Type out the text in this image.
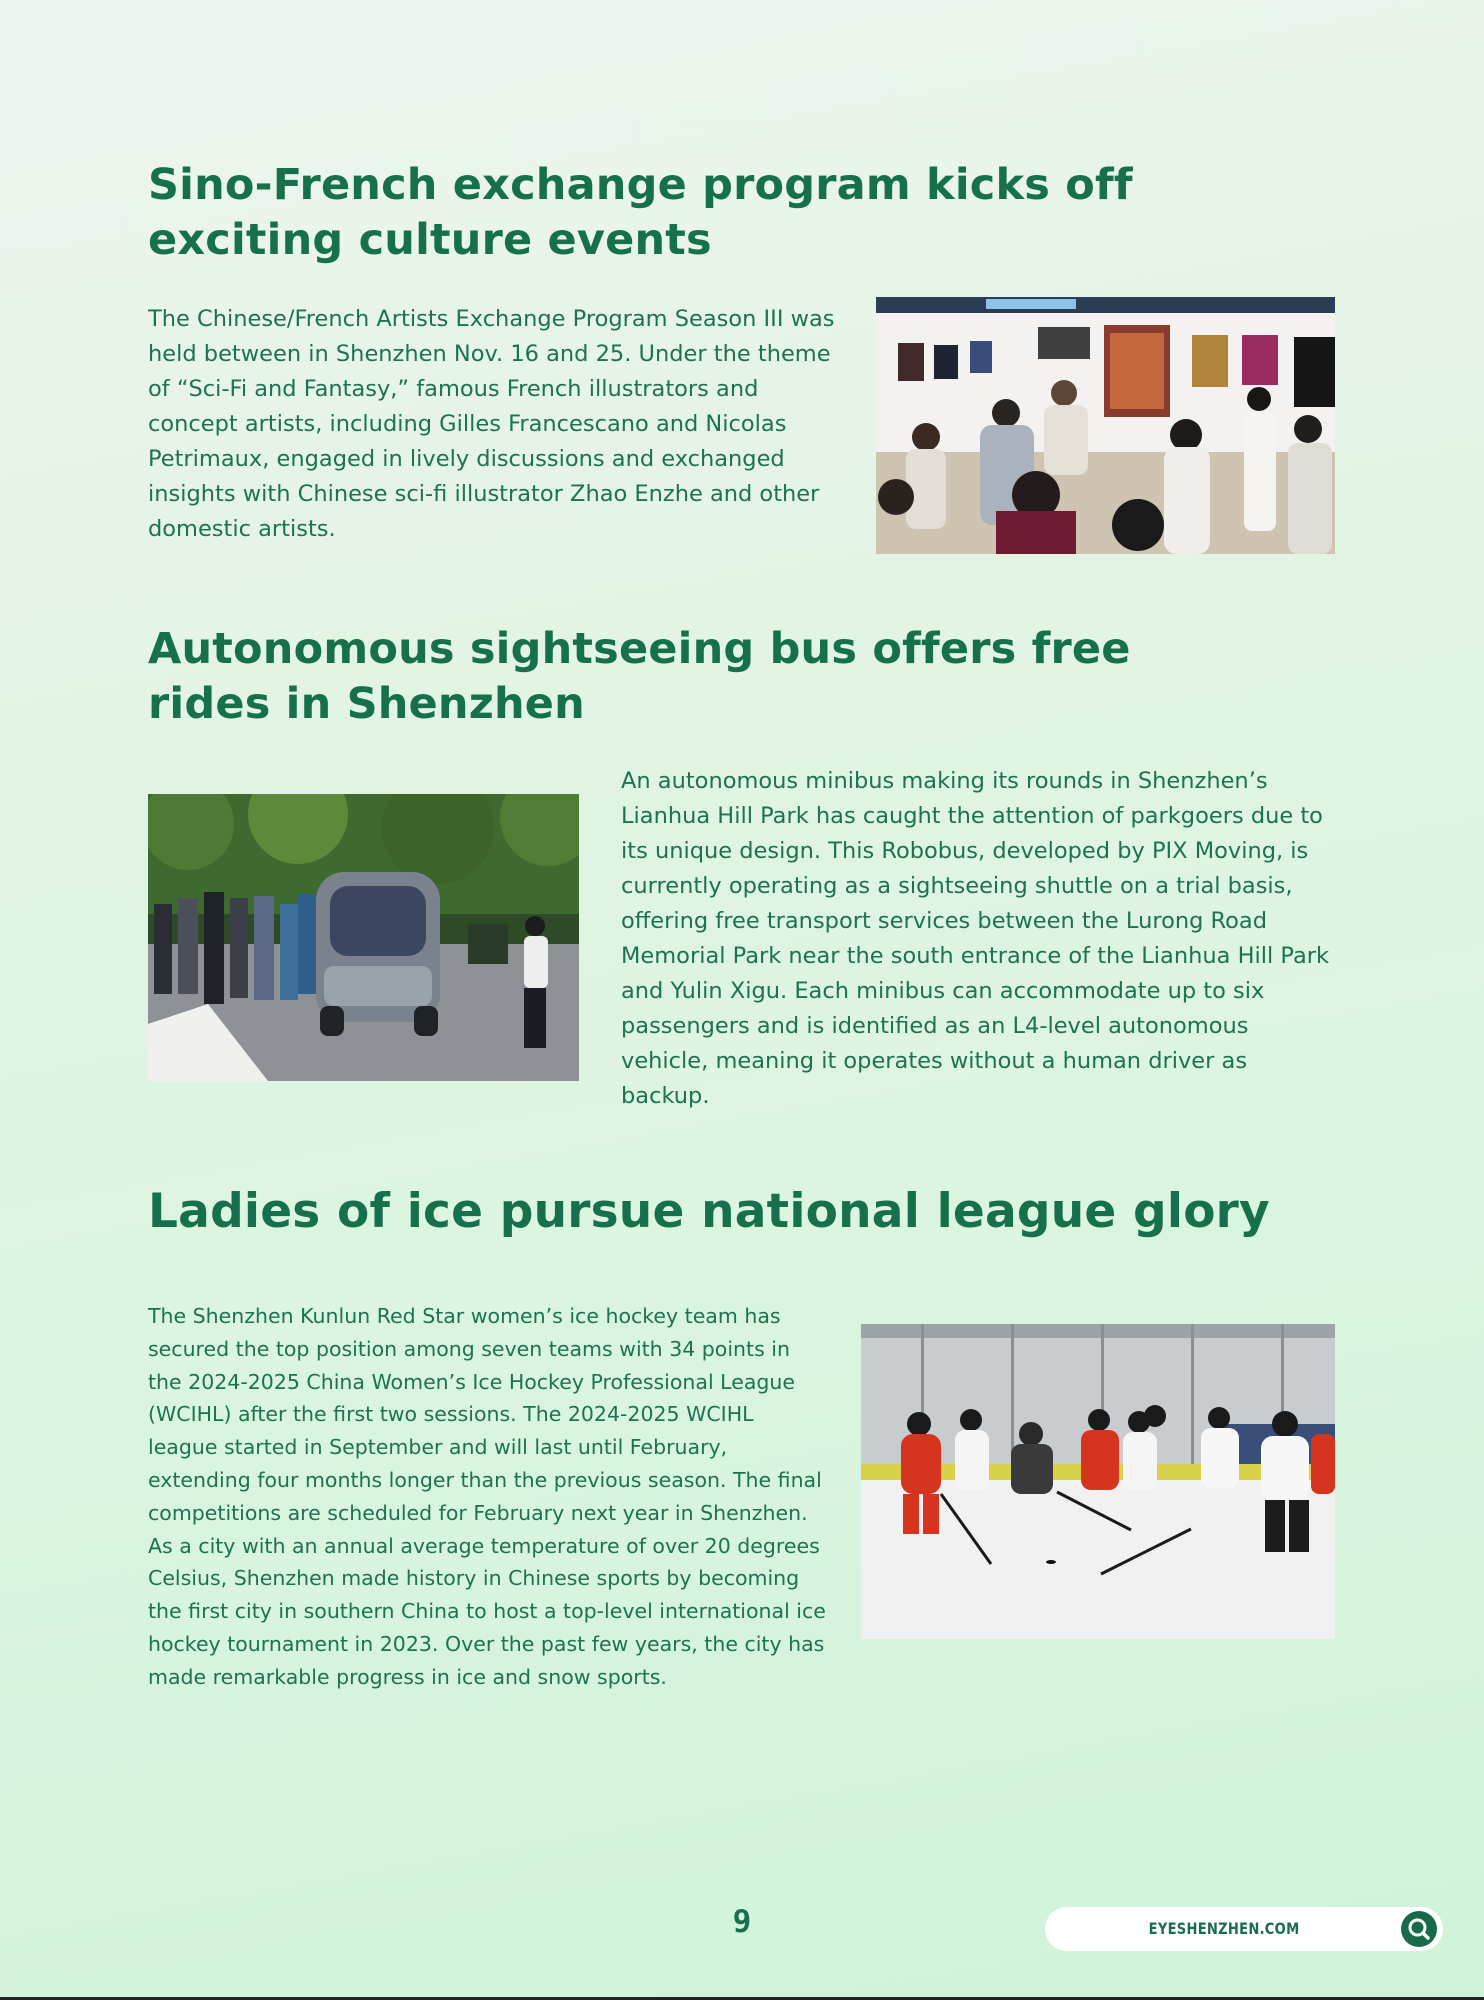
Sino-French exchange program kicks off exciting culture events

The Chinese/French Artists Exchange Program Season III was held between in Shenzhen Nov. 16 and 25. Under the theme of “Sci-Fi and Fantasy,” famous French illustrators and concept artists, including Gilles Francescano and Nicolas Petrimaux, engaged in lively discussions and exchanged insights with Chinese sci-fi illustrator Zhao Enzhe and other domestic artists.

Autonomous sightseeing bus offers free rides in Shenzhen

An autonomous minibus making its rounds in Shenzhen’s Lianhua Hill Park has caught the attention of parkgoers due to its unique design. This Robobus, developed by PIX Moving, is currently operating as a sightseeing shuttle on a trial basis, offering free transport services between the Lurong Road Memorial Park near the south entrance of the Lianhua Hill Park and Yulin Xigu. Each minibus can accommodate up to six passengers and is identified as an L4-level autonomous vehicle, meaning it operates without a human driver as backup.

Ladies of ice pursue national league glory

The Shenzhen Kunlun Red Star women’s ice hockey team has secured the top position among seven teams with 34 points in the 2024-2025 China Women’s Ice Hockey Professional League (WCIHL) after the first two sessions. The 2024-2025 WCIHL league started in September and will last until February, extending four months longer than the previous season. The final competitions are scheduled for February next year in Shenzhen. As a city with an annual average temperature of over 20 degrees Celsius, Shenzhen made history in Chinese sports by becoming the first city in southern China to host a top-level international ice hockey tournament in 2023. Over the past few years, the city has made remarkable progress in ice and snow sports.

9	EYESHENZHEN.COM
